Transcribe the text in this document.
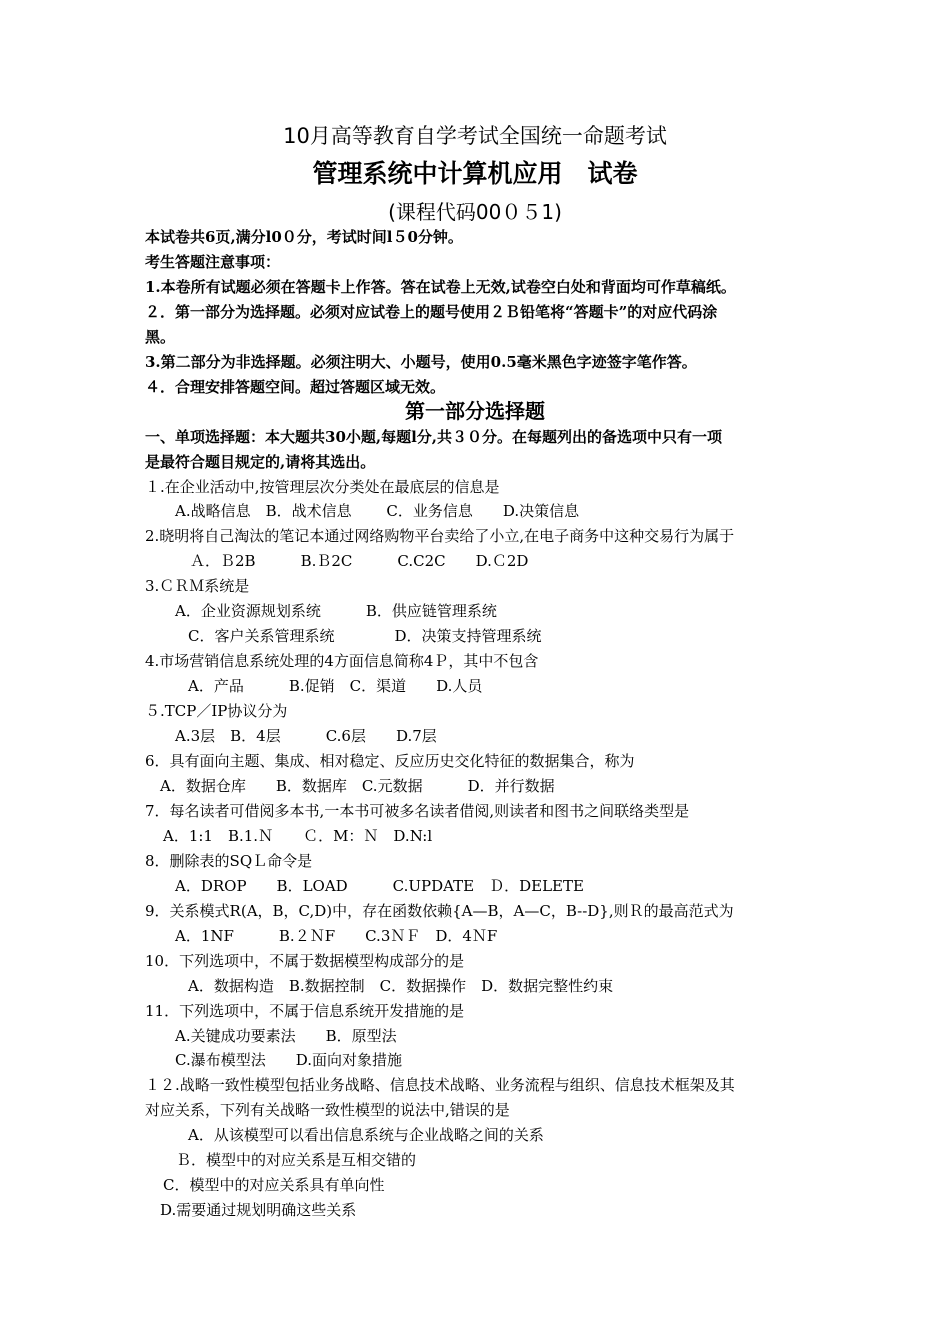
10月高等教育自学考试全国统一命题考试
管理系统中计算机应用　试卷
(课程代码00０５1)
本试卷共6页,满分l0０分，考试时间l５0分钟。
考生答题注意事项：
1.本卷所有试题必须在答题卡上作答。答在试卷上无效,试卷空白处和背面均可作草稿纸。
２．第一部分为选择题。必须对应试卷上的题号使用２Ｂ铅笔将“答题卡”的对应代码涂
黑。
3.第二部分为非选择题。必须注明大、小题号，使用0.5毫米黑色字迹签字笔作答。
４．合理安排答题空间。超过答题区域无效。
第一部分选择题
一、单项选择题：本大题共30小题,每题l分,共３０分。在每题列出的备选项中只有一项
是最符合题目规定的,请将其选出。
１.在企业活动中,按管理层次分类处在最底层的信息是
A.战略信息　B．战术信息　　 C．业务信息　　D.决策信息
2.晓明将自己淘汰的笔记本通过网络购物平台卖给了小立,在电子商务中这种交易行为属于
Ａ．Ｂ2B　　　B.Ｂ2C　　　C.C2C　　D.Ｃ2D
3.ＣＲＭ系统是
A．企业资源规划系统　　　B．供应链管理系统
C．客户关系管理系统　　　　D．决策支持管理系统
4.市场营销信息系统处理的4方面信息简称4Ｐ，其中不包含
A．产品　　　B.促销　C．渠道　　D.人员
５.TCP／IP协议分为
A.3层　B．4层　　　C.6层　　D.7层
6．具有面向主题、集成、相对稳定、反应历史交化特征的数据集合，称为
A．数据仓库　　B．数据库　C.元数据　　　D．并行数据
7．每名读者可借阅多本书,一本书可被多名读者借阅,则读者和图书之间联络类型是
A．1:1　B.1.Ｎ　　Ｃ．M：Ｎ　D.N:l
8．删除表的SQＬ命令是
A．DROP　　B．LOAD　　　C.UPDATE　Ｄ．DELETE
9．关系模式R(A，B，C,D)中，存在函数依赖{A—B，A—C，B--D},则Ｒ的最高范式为
A．1NF　　　B.２ＮF　　C.3ＮＦ　D．4ＮF
10．下列选项中，不属于数据模型构成部分的是
A．数据构造　B.数据控制　C．数据操作　D．数据完整性约束
11．下列选项中，不属于信息系统开发措施的是
A.关键成功要素法　　B．原型法
C.瀑布模型法　　D.面向对象措施
１２.战略一致性模型包括业务战略、信息技术战略、业务流程与组织、信息技术框架及其
对应关系，下列有关战略一致性模型的说法中,错误的是
A．从该模型可以看出信息系统与企业战略之间的关系
Ｂ．模型中的对应关系是互相交错的
C．模型中的对应关系具有单向性
D.需要通过规划明确这些关系
